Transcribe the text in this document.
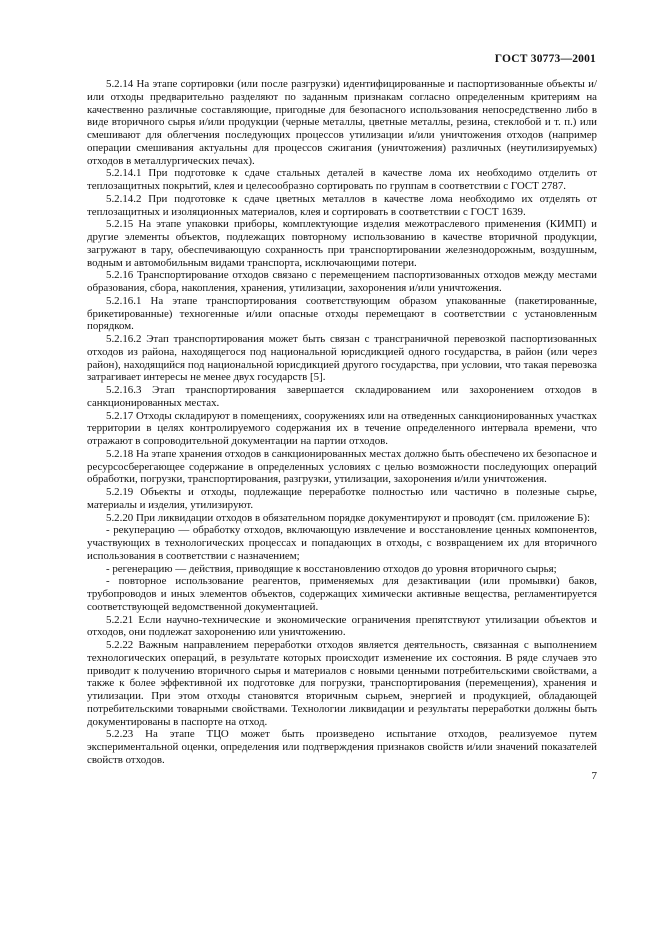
ГОСТ 30773—2001

5.2.14 На этапе сортировки (или после разгрузки) идентифицированные и паспортизованные объекты и/или отходы предварительно разделяют по заданным признакам согласно определенным критериям на качественно различные составляющие, пригодные для безопасного использования непосредственно либо в виде вторичного сырья и/или продукции (черные металлы, цветные металлы, резина, стеклобой и т. п.) или смешивают для облегчения последующих процессов утилизации и/или уничтожения отходов (например операции смешивания актуальны для процессов сжигания (уничтожения) различных (неутилизируемых) отходов в металлургических печах).

5.2.14.1 При подготовке к сдаче стальных деталей в качестве лома их необходимо отделить от теплозащитных покрытий, клея и целесообразно сортировать по группам в соответствии с ГОСТ 2787.

5.2.14.2 При подготовке к сдаче цветных металлов в качестве лома необходимо их отделять от теплозащитных и изоляционных материалов, клея и сортировать в соответствии с ГОСТ 1639.

5.2.15 На этапе упаковки приборы, комплектующие изделия межотраслевого применения (КИМП) и другие элементы объектов, подлежащих повторному использованию в качестве вторичной продукции, загружают в тару, обеспечивающую сохранность при транспортировании железнодорожным, воздушным, водным и автомобильным видами транспорта, исключающими потери.

5.2.16 Транспортирование отходов связано с перемещением паспортизованных отходов между местами образования, сбора, накопления, хранения, утилизации, захоронения и/или уничтожения.

5.2.16.1 На этапе транспортирования соответствующим образом упакованные (пакетированные, брикетированные) техногенные и/или опасные отходы перемещают в соответствии с установленным порядком.

5.2.16.2 Этап транспортирования может быть связан с трансграничной перевозкой паспортизованных отходов из района, находящегося под национальной юрисдикцией одного государства, в район (или через район), находящийся под национальной юрисдикцией другого государства, при условии, что такая перевозка затрагивает интересы не менее двух государств [5].

5.2.16.3 Этап транспортирования завершается складированием или захоронением отходов в санкционированных местах.

5.2.17 Отходы складируют в помещениях, сооружениях или на отведенных санкционированных участках территории в целях контролируемого содержания их в течение определенного интервала времени, что отражают в сопроводительной документации на партии отходов.

5.2.18 На этапе хранения отходов в санкционированных местах должно быть обеспечено их безопасное и ресурсосберегающее содержание в определенных условиях с целью возможности последующих операций обработки, погрузки, транспортирования, разгрузки, утилизации, захоронения и/или уничтожения.

5.2.19 Объекты и отходы, подлежащие переработке полностью или частично в полезные сырье, материалы и изделия, утилизируют.

5.2.20 При ликвидации отходов в обязательном порядке документируют и проводят (см. приложение Б):

- рекуперацию — обработку отходов, включающую извлечение и восстановление ценных компонентов, участвующих в технологических процессах и попадающих в отходы, с возвращением их для вторичного использования в соответствии с назначением;

- регенерацию — действия, приводящие к восстановлению отходов до уровня вторичного сырья;

- повторное использование реагентов, применяемых для дезактивации (или промывки) баков, трубопроводов и иных элементов объектов, содержащих химически активные вещества, регламентируется соответствующей ведомственной документацией.

5.2.21 Если научно-технические и экономические ограничения препятствуют утилизации объектов и отходов, они подлежат захоронению или уничтожению.

5.2.22 Важным направлением переработки отходов является деятельность, связанная с выполнением технологических операций, в результате которых происходит изменение их состояния. В ряде случаев это приводит к получению вторичного сырья и материалов с новыми ценными потребительскими свойствами, а также к более эффективной их подготовке для погрузки, транспортирования (перемещения), хранения и утилизации. При этом отходы становятся вторичным сырьем, энергией и продукцией, обладающей потребительскими товарными свойствами. Технологии ликвидации и результаты переработки должны быть документированы в паспорте на отход.

5.2.23 На этапе ТЦО может быть произведено испытание отходов, реализуемое путем экспериментальной оценки, определения или подтверждения признаков свойств и/или значений показателей свойств отходов.

7
